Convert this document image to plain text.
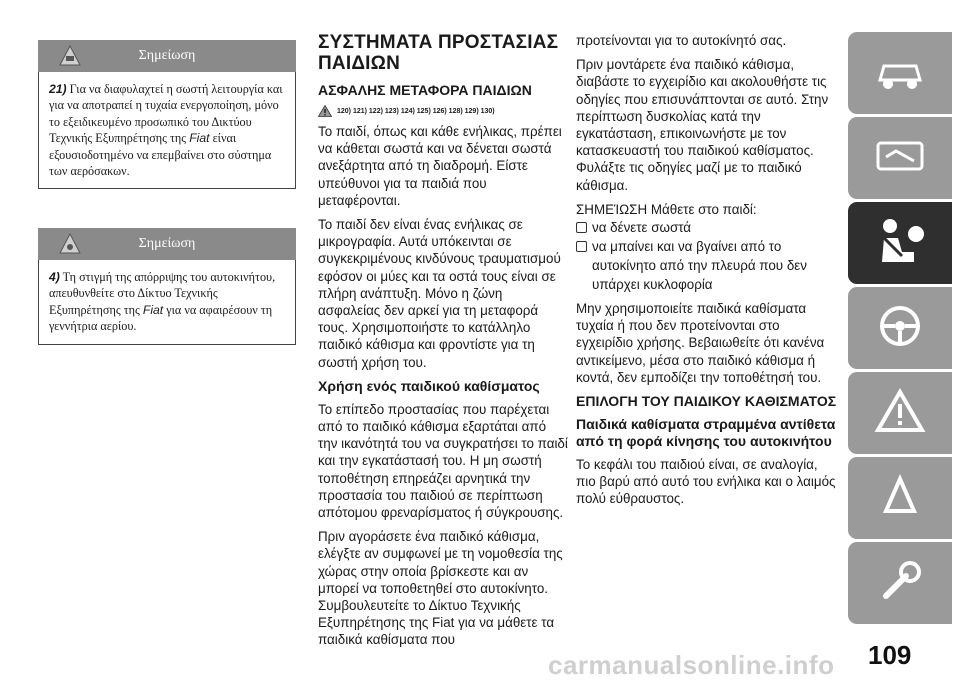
Σημείωση
21) Για να διαφυλαχτεί η σωστή λειτουργία και για να αποτραπεί η τυχαία ενεργοποίηση, μόνο το εξειδικευμένο προσωπικό του Δικτύου Τεχνικής Εξυπηρέτησης της Fiat είναι εξουσιοδοτημένο να επεμβαίνει στο σύστημα των αερόσακων.
Σημείωση
4) Τη στιγμή της απόρριψης του αυτοκινήτου, απευθυνθείτε στο Δίκτυο Τεχνικής Εξυπηρέτησης της Fiat για να αφαιρέσουν τη γεννήτρια αερίου.
ΣΥΣΤΗΜΑΤΑ ΠΡΟΣΤΑΣΙΑΣ ΠΑΙΔΙΩΝ
ΑΣΦΑΛΗΣ ΜΕΤΑΦΟΡΑ ΠΑΙΔΙΩΝ
120) 121) 122) 123) 124) 125) 126) 128) 129) 130)

Το παιδί, όπως και κάθε ενήλικας, πρέπει να κάθεται σωστά και να δένεται σωστά ανεξάρτητα από τη διαδρομή. Είστε υπεύθυνοι για τα παιδιά που μεταφέρονται.

Το παιδί δεν είναι ένας ενήλικας σε μικρογραφία. Αυτά υπόκεινται σε συγκεκριμένους κινδύνους τραυματισμού εφόσον οι μύες και τα οστά τους είναι σε πλήρη ανάπτυξη. Μόνο η ζώνη ασφαλείας δεν αρκεί για τη μεταφορά τους. Χρησιμοποιήστε το κατάλληλο παιδικό κάθισμα και φροντίστε για τη σωστή χρήση του.

Χρήση ενός παιδικού καθίσματος

Το επίπεδο προστασίας που παρέχεται από το παιδικό κάθισμα εξαρτάται από την ικανότητά του να συγκρατήσει το παιδί και την εγκατάστασή του. Η μη σωστή τοποθέτηση επηρεάζει αρνητικά την προστασία του παιδιού σε περίπτωση απότομου φρεναρίσματος ή σύγκρουσης.

Πριν αγοράσετε ένα παιδικό κάθισμα, ελέγξτε αν συμφωνεί με τη νομοθεσία της χώρας στην οποία βρίσκεστε και αν μπορεί να τοποθετηθεί στο αυτοκίνητο. Συμβουλευτείτε το Δίκτυο Τεχνικής Εξυπηρέτησης της Fiat για να μάθετε τα παιδικά καθίσματα που

προτείνονται για το αυτοκίνητό σας.

Πριν μοντάρετε ένα παιδικό κάθισμα, διαβάστε το εγχειρίδιο και ακολουθήστε τις οδηγίες που επισυνάπτονται σε αυτό. Στην περίπτωση δυσκολίας κατά την εγκατάσταση, επικοινωνήστε με τον κατασκευαστή του παιδικού καθίσματος. Φυλάξτε τις οδηγίες μαζί με το παιδικό κάθισμα.

ΣΗΜΕΊΩΣΗ Μάθετε στο παιδί:
να δένετε σωστά
να μπαίνει και να βγαίνει από το αυτοκίνητο από την πλευρά που δεν υπάρχει κυκλοφορία

Μην χρησιμοποιείτε παιδικά καθίσματα τυχαία ή που δεν προτείνονται στο εγχειρίδιο χρήσης. Βεβαιωθείτε ότι κανένα αντικείμενο, μέσα στο παιδικό κάθισμα ή κοντά, δεν εμποδίζει την τοποθέτησή του.

ΕΠΙΛΟΓΗ ΤΟΥ ΠΑΙΔΙΚΟΥ ΚΑΘΙΣΜΑΤΟΣ
Παιδικά καθίσματα στραμμένα αντίθετα από τη φορά κίνησης του αυτοκινήτου

Το κεφάλι του παιδιού είναι, σε αναλογία, πιο βαρύ από αυτό του ενήλικα και ο λαιμός πολύ εύθραυστος.

109
carmanualsonline.info
